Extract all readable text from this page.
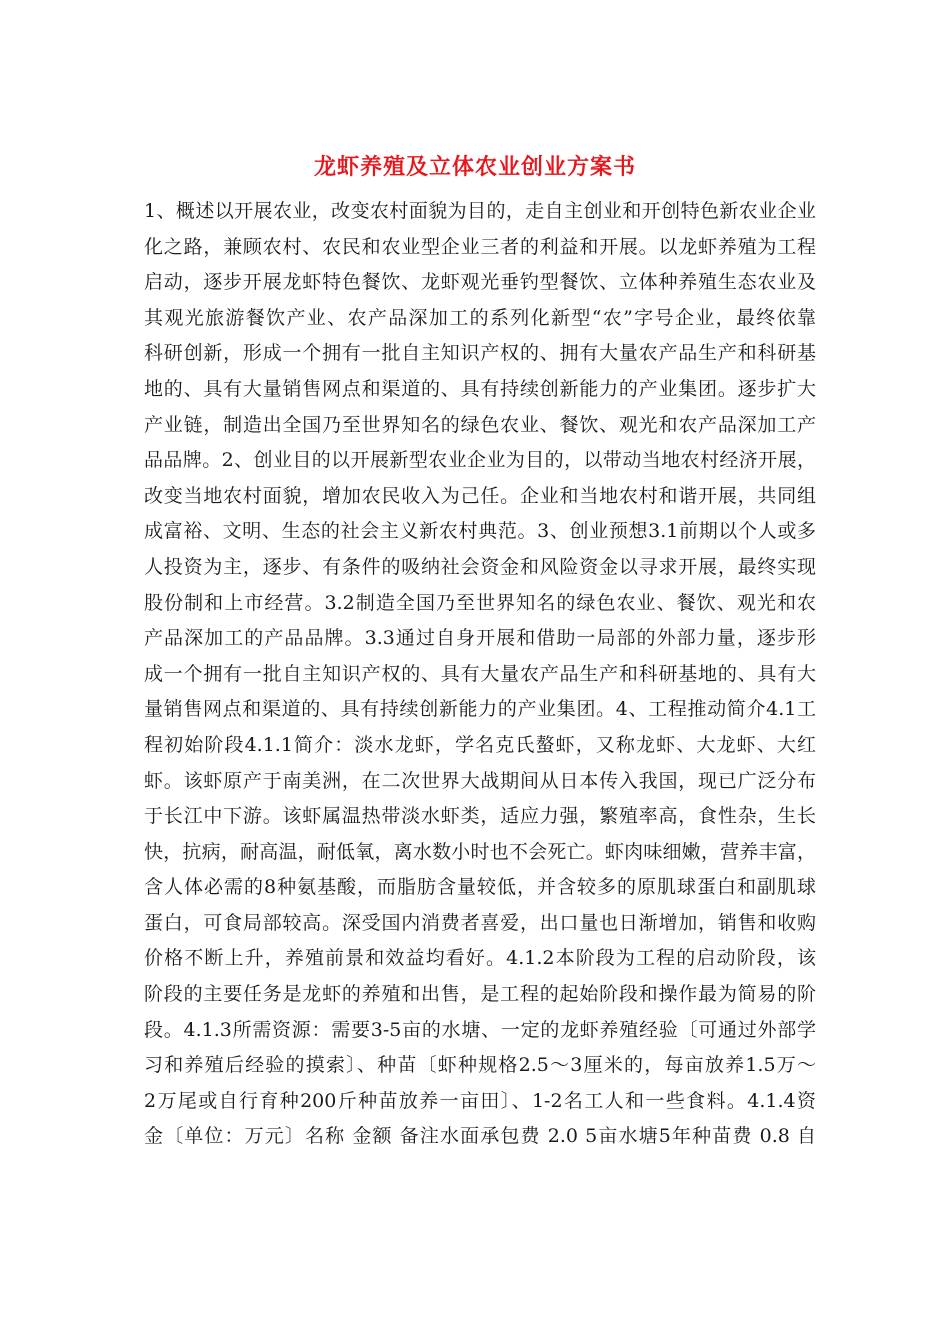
龙虾养殖及立体农业创业方案书
1、概述以开展农业，改变农村面貌为目的，走自主创业和开创特色新农业企业
化之路，兼顾农村、农民和农业型企业三者的利益和开展。以龙虾养殖为工程
启动，逐步开展龙虾特色餐饮、龙虾观光垂钓型餐饮、立体种养殖生态农业及
其观光旅游餐饮产业、农产品深加工的系列化新型“农”字号企业，最终依靠
科研创新，形成一个拥有一批自主知识产权的、拥有大量农产品生产和科研基
地的、具有大量销售网点和渠道的、具有持续创新能力的产业集团。逐步扩大
产业链，制造出全国乃至世界知名的绿色农业、餐饮、观光和农产品深加工产
品品牌。2、创业目的以开展新型农业企业为目的，以带动当地农村经济开展，
改变当地农村面貌，增加农民收入为己任。企业和当地农村和谐开展，共同组
成富裕、文明、生态的社会主义新农村典范。3、创业预想3.1前期以个人或多
人投资为主，逐步、有条件的吸纳社会资金和风险资金以寻求开展，最终实现
股份制和上市经营。3.2制造全国乃至世界知名的绿色农业、餐饮、观光和农
产品深加工的产品品牌。3.3通过自身开展和借助一局部的外部力量，逐步形
成一个拥有一批自主知识产权的、具有大量农产品生产和科研基地的、具有大
量销售网点和渠道的、具有持续创新能力的产业集团。4、工程推动简介4.1工
程初始阶段4.1.1简介：淡水龙虾，学名克氏螯虾，又称龙虾、大龙虾、大红
虾。该虾原产于南美洲，在二次世界大战期间从日本传入我国，现已广泛分布
于长江中下游。该虾属温热带淡水虾类，适应力强，繁殖率高，食性杂，生长
快，抗病，耐高温，耐低氧，离水数小时也不会死亡。虾肉味细嫩，营养丰富，
含人体必需的8种氨基酸，而脂肪含量较低，并含较多的原肌球蛋白和副肌球
蛋白，可食局部较高。深受国内消费者喜爱，出口量也日渐增加，销售和收购
价格不断上升，养殖前景和效益均看好。4.1.2本阶段为工程的启动阶段，该
阶段的主要任务是龙虾的养殖和出售，是工程的起始阶段和操作最为简易的阶
段。4.1.3所需资源：需要3-5亩的水塘、一定的龙虾养殖经验〔可通过外部学
习和养殖后经验的摸索〕、种苗〔虾种规格2.5～3厘米的，每亩放养1.5万～
2万尾或自行育种200斤种苗放养一亩田〕、1-2名工人和一些食料。4.1.4资
金〔单位：万元〕名称 金额 备注水面承包费 2.0 5亩水塘5年种苗费 0.8 自
